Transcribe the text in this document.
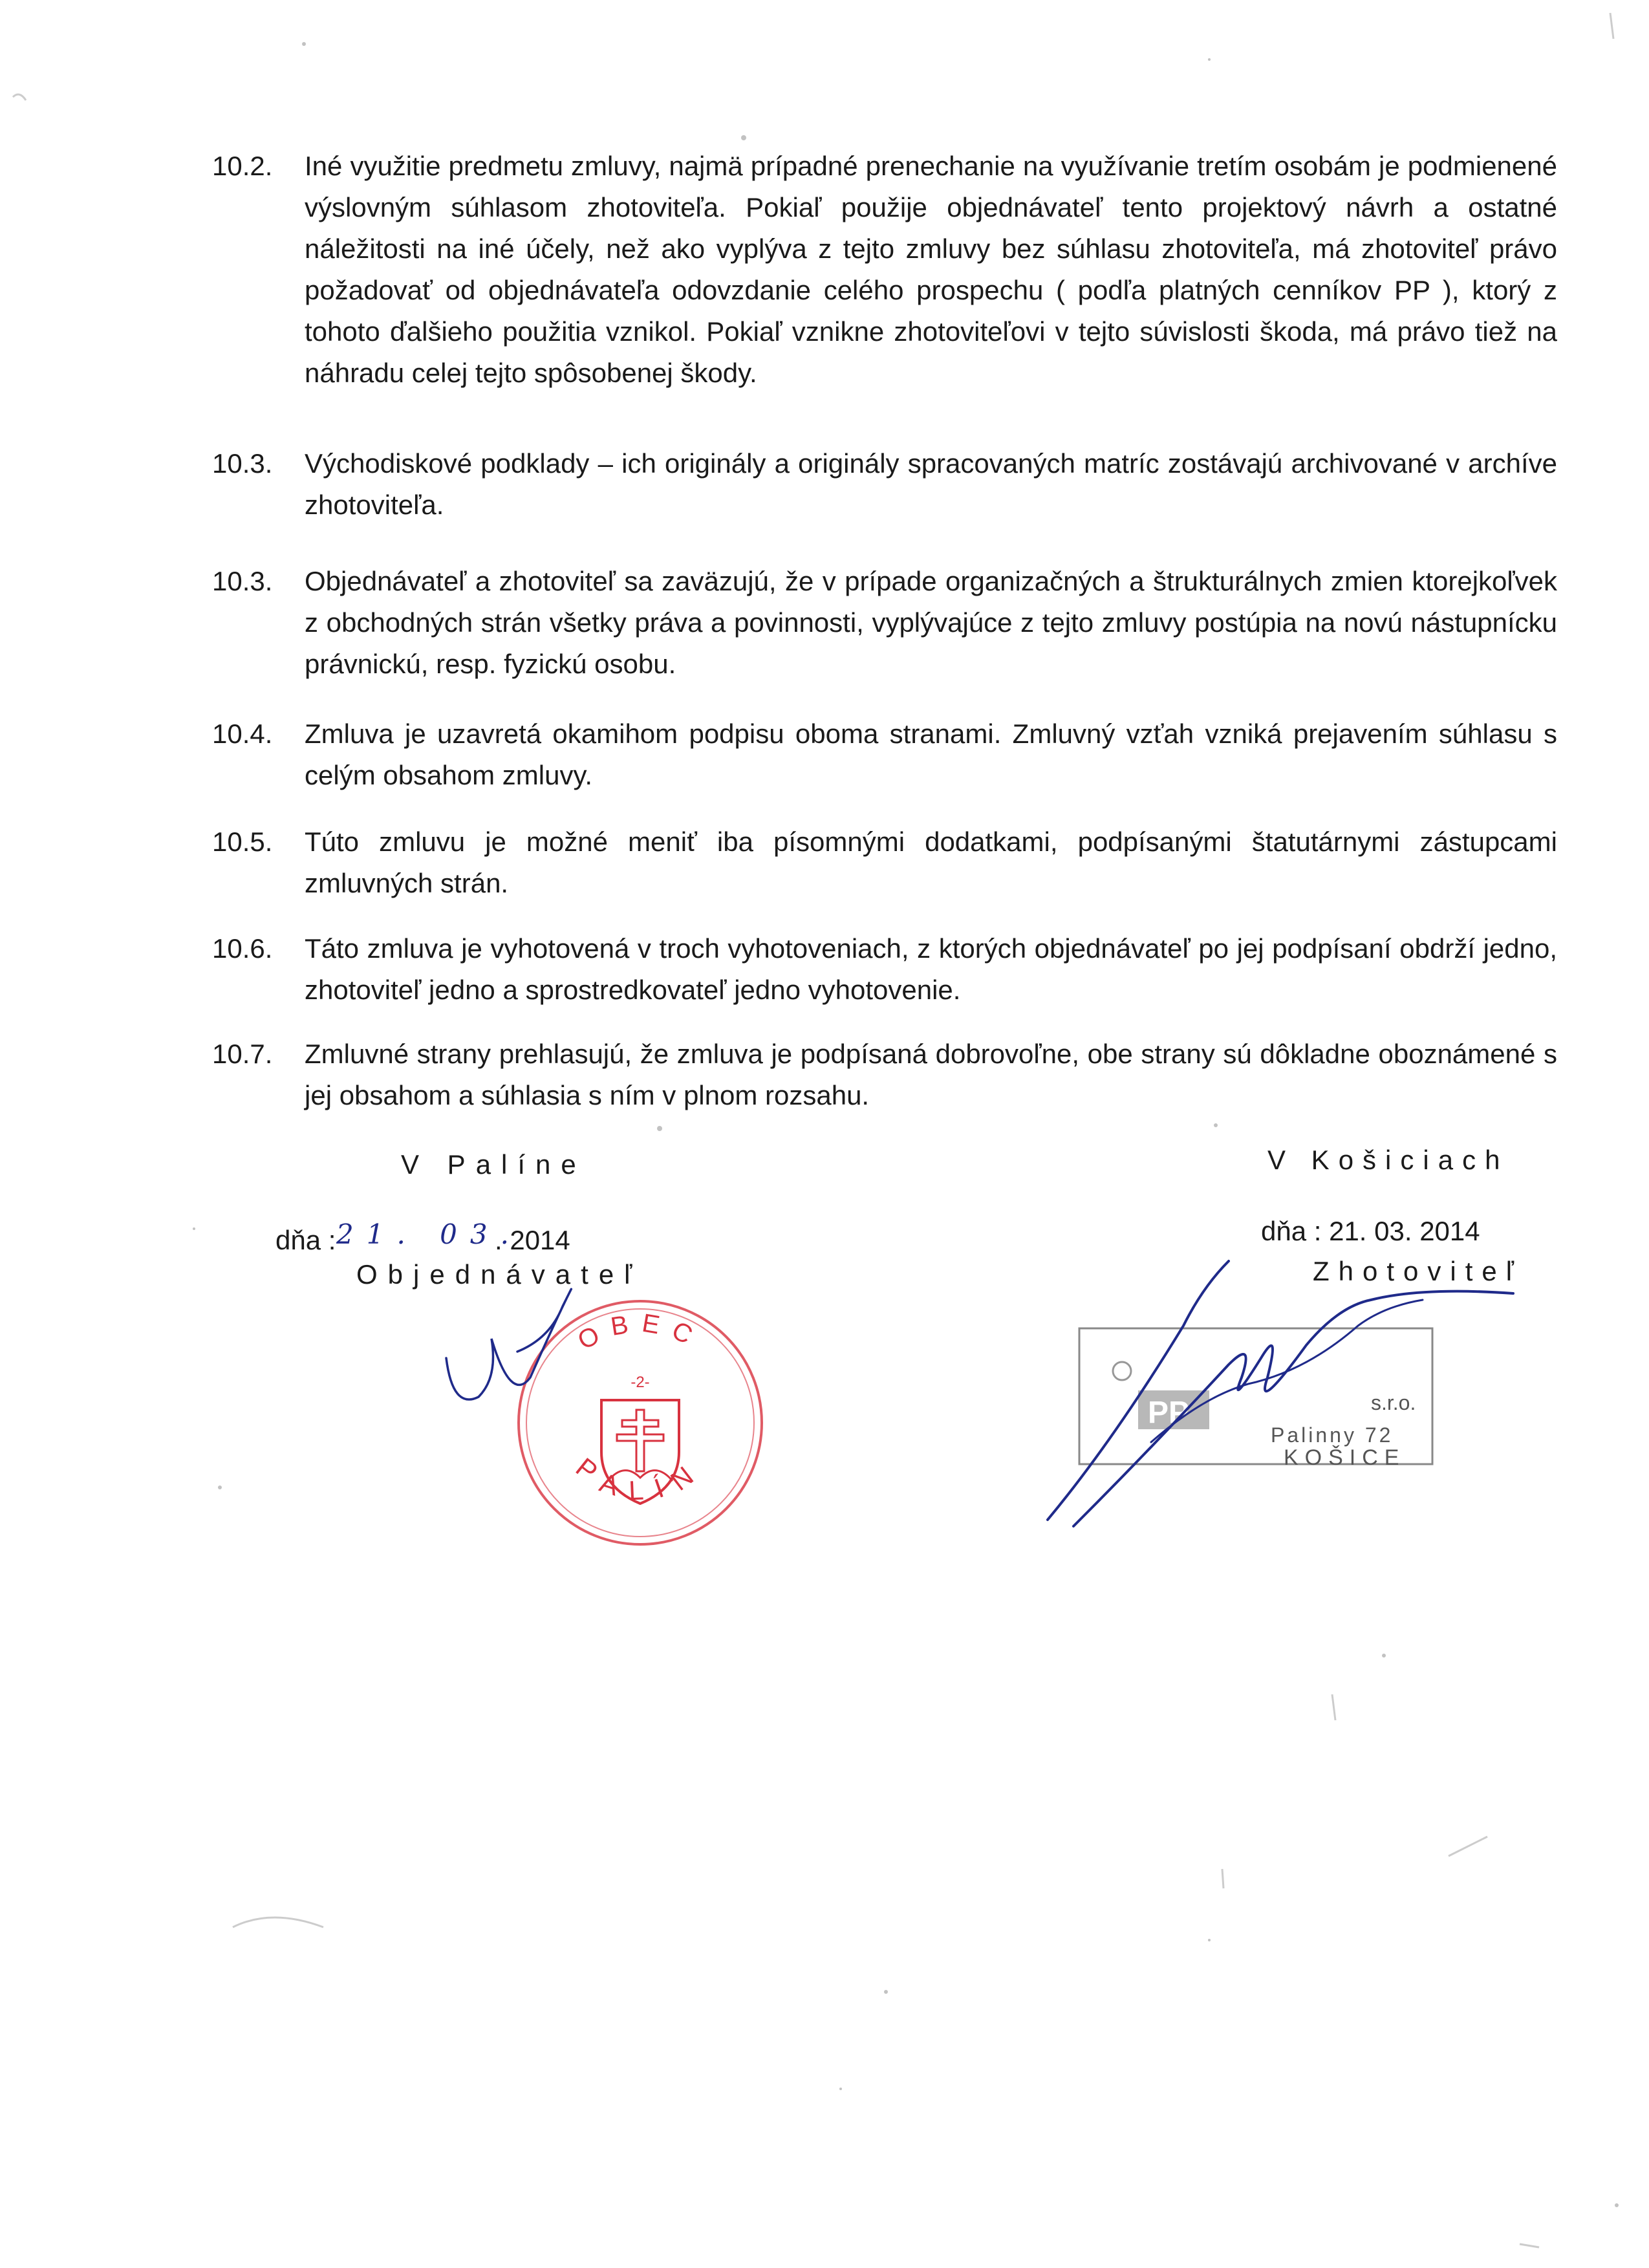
10.2. Iné využitie predmetu zmluvy, najmä prípadné prenechanie na využívanie tretím osobám je podmienené výslovným súhlasom zhotoviteľa. Pokiaľ použije objednávateľ tento projektový návrh a ostatné náležitosti na iné účely, než ako vyplýva z tejto zmluvy bez súhlasu zhotoviteľa, má zhotoviteľ právo požadovať od objednávateľa odovzdanie celého prospechu ( podľa platných cenníkov PP ), ktorý z tohoto ďalšieho použitia vznikol. Pokiaľ vznikne zhotoviteľovi v tejto súvislosti škoda, má právo tiež na náhradu celej tejto spôsobenej škody.
10.3. Východiskové podklady – ich originály a originály spracovaných matríc zostávajú archivované v archíve zhotoviteľa.
10.3. Objednávateľ a zhotoviteľ sa zaväzujú, že v prípade organizačných a štrukturálnych zmien ktorejkoľvek z obchodných strán všetky práva a povinnosti, vyplývajúce z tejto zmluvy postúpia na novú nástupnícku právnickú, resp. fyzickú osobu.
10.4. Zmluva je uzavretá okamihom podpisu oboma stranami. Zmluvný vzťah vzniká prejavením súhlasu s celým obsahom zmluvy.
10.5. Túto zmluvu je možné meniť iba písomnými dodatkami, podpísanými štatutárnymi zástupcami zmluvných strán.
10.6. Táto zmluva je vyhotovená v troch vyhotoveniach, z ktorých objednávateľ po jej podpísaní obdrží jedno, zhotoviteľ jedno a sprostredkovateľ jedno vyhotovenie.
10.7. Zmluvné strany prehlasujú, že zmluva je podpísaná dobrovoľne, obe strany sú dôkladne oboznámené s jej obsahom a súhlasia s ním v plnom rozsahu.
V Palíne
dňa : 21. 03.
. 2014
Objednávateľ
OBEC
-2-
PALÍN
V Košiciach
dňa : 21. 03. 2014
Zhotoviteľ
PP	s.r.o.
Palinny 72
KOŠICE
